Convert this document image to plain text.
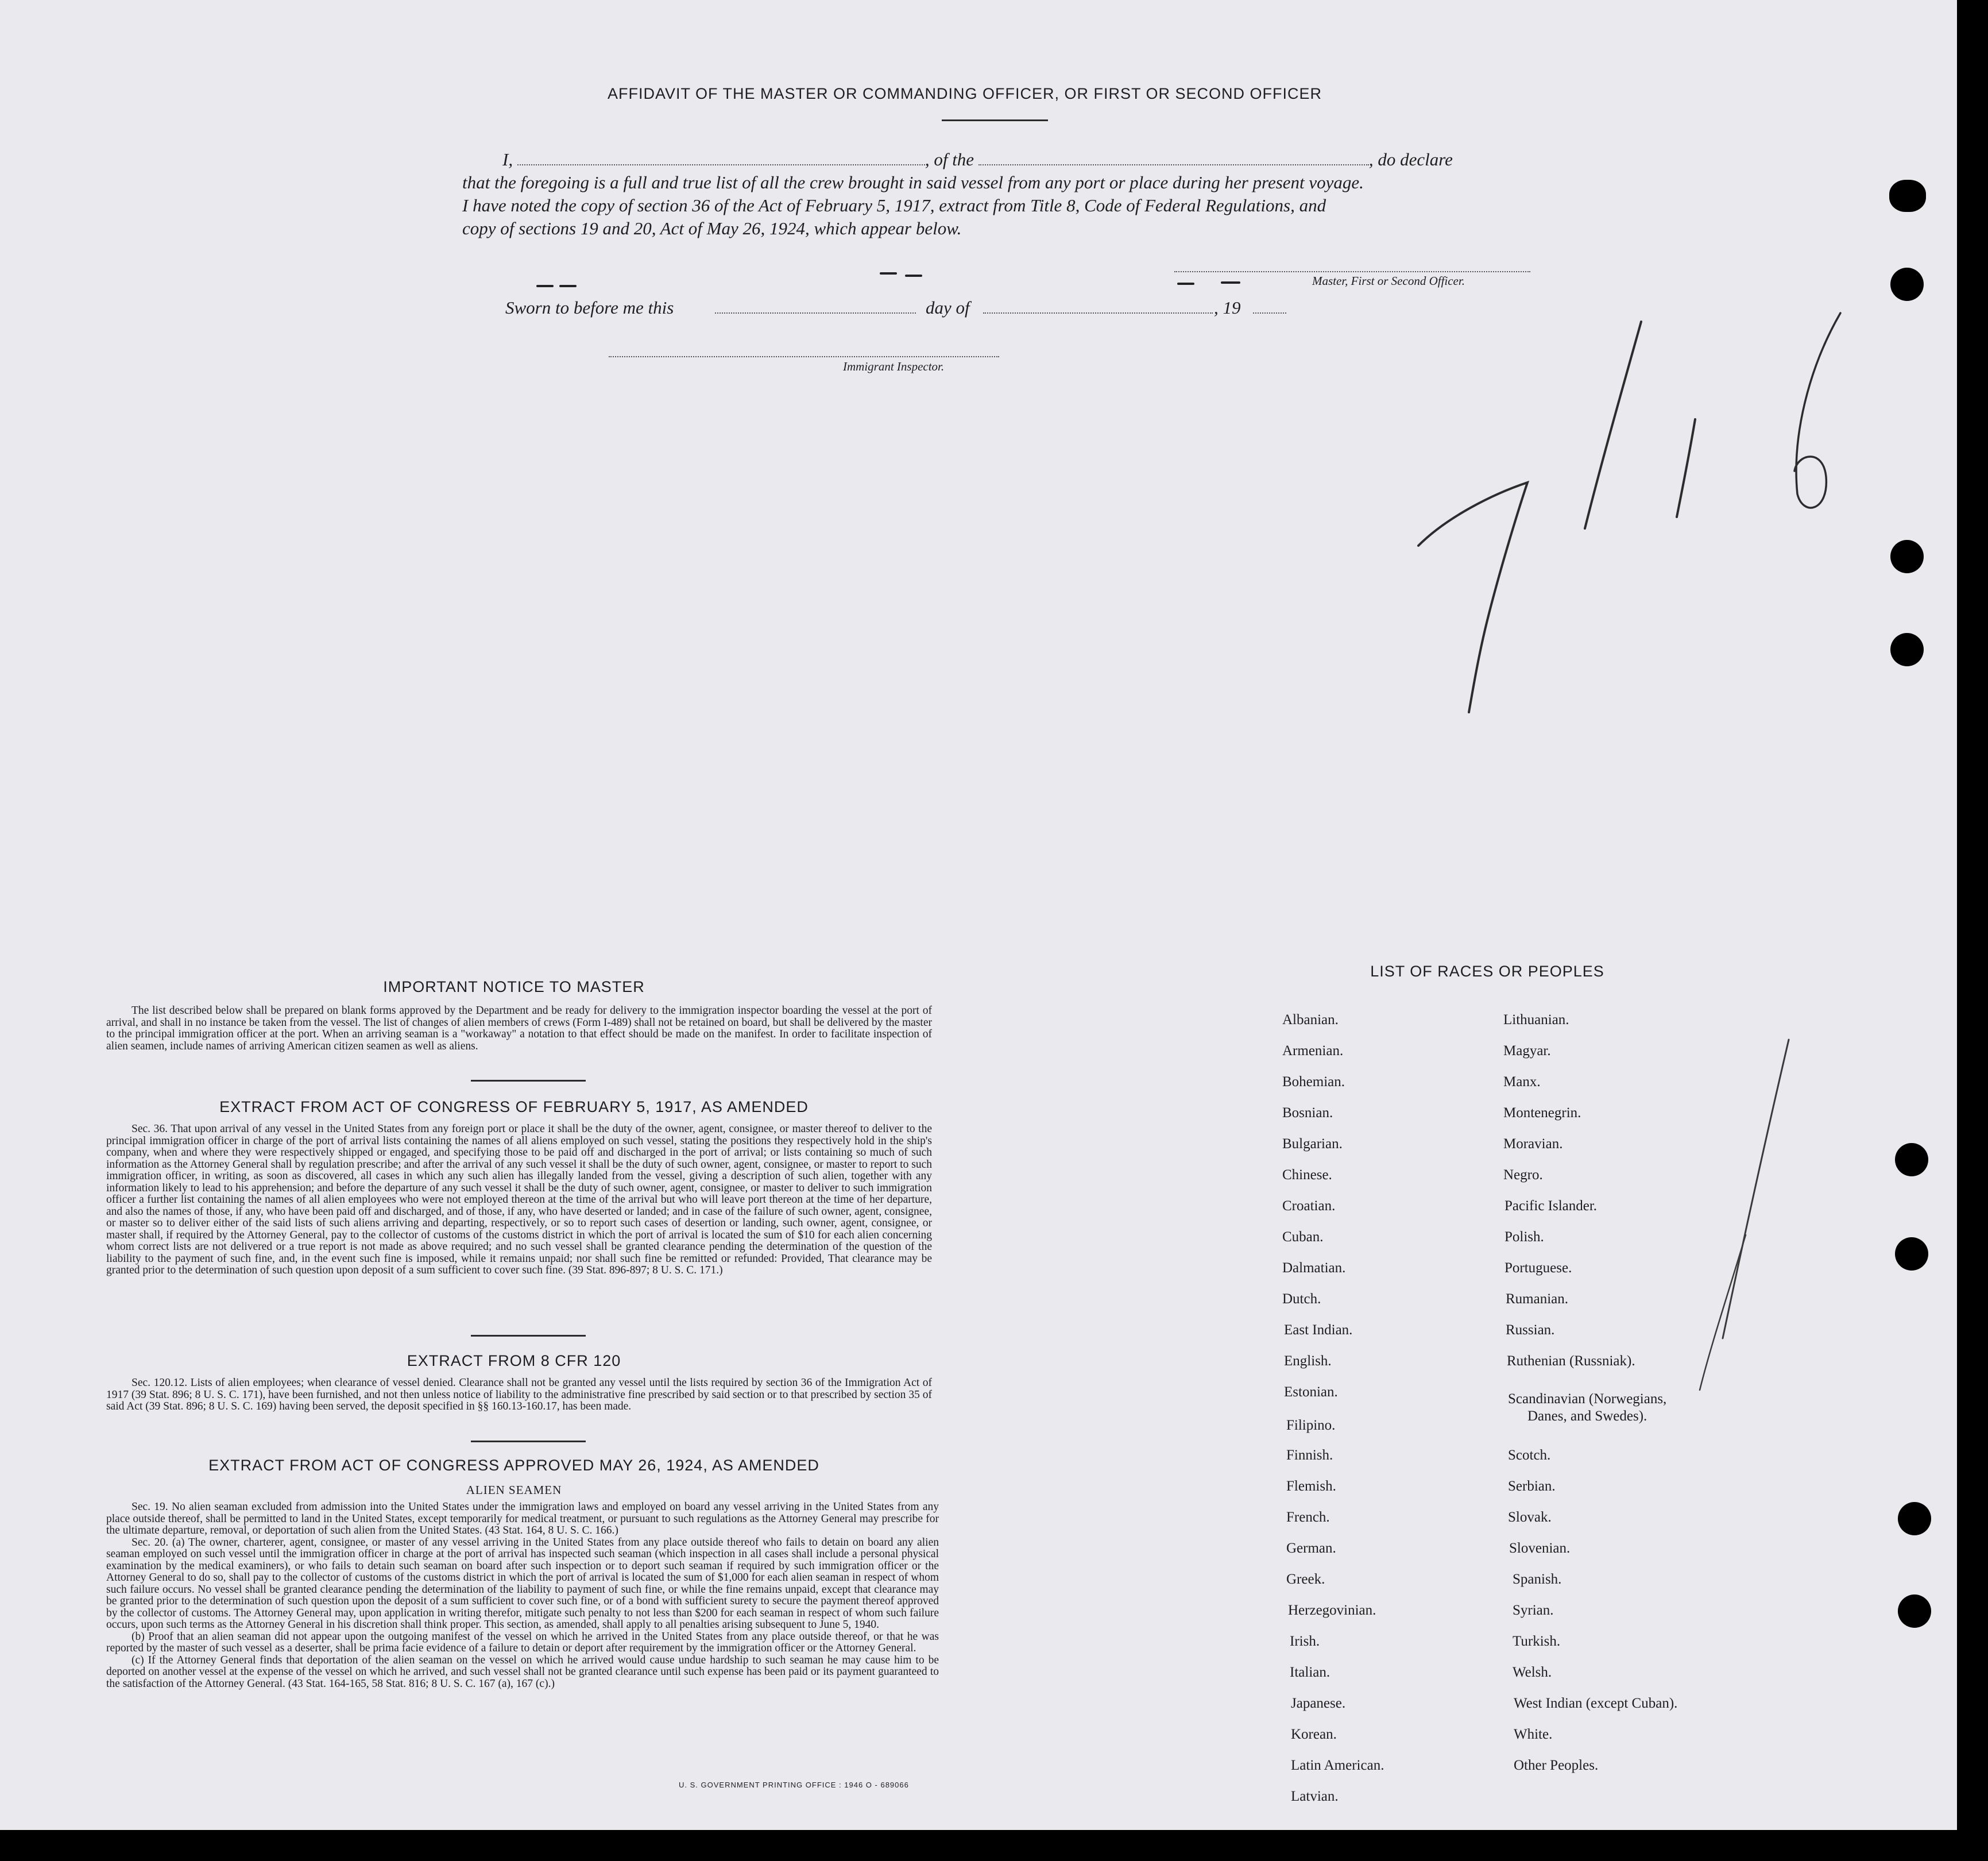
AFFIDAVIT OF THE MASTER OR COMMANDING OFFICER, OR FIRST OR SECOND OFFICER
I,	, of the	, do declare
that the foregoing is a full and true list of all the crew brought in said vessel from any port or place during her present voyage.
I have noted the copy of section 36 of the Act of February 5, 1917, extract from Title 8, Code of Federal Regulations, and
copy of sections 19 and 20, Act of May 26, 1924, which appear below.
Master, First or Second Officer.
Sworn to before me this	day of	, 19
Immigrant Inspector.
IMPORTANT NOTICE TO MASTER

The list described below shall be prepared on blank forms approved by the Department and be ready for delivery to the immigration inspector boarding the vessel at the port of arrival, and shall in no instance be taken from the vessel. The list of changes of alien members of crews (Form I-489) shall not be retained on board, but shall be delivered by the master to the principal immigration officer at the port. When an arriving seaman is a "workaway" a notation to that effect should be made on the manifest. In order to facilitate inspection of alien seamen, include names of arriving American citizen seamen as well as aliens.

EXTRACT FROM ACT OF CONGRESS OF FEBRUARY 5, 1917, AS AMENDED

Sec. 36. That upon arrival of any vessel in the United States from any foreign port or place it shall be the duty of the owner, agent, consignee, or master thereof to deliver to the principal immigration officer in charge of the port of arrival lists containing the names of all aliens employed on such vessel, stating the positions they respectively hold in the ship's company, when and where they were respectively shipped or engaged, and specifying those to be paid off and discharged in the port of arrival; or lists containing so much of such information as the Attorney General shall by regulation prescribe; and after the arrival of any such vessel it shall be the duty of such owner, agent, consignee, or master to report to such immigration officer, in writing, as soon as discovered, all cases in which any such alien has illegally landed from the vessel, giving a description of such alien, together with any information likely to lead to his apprehension; and before the departure of any such vessel it shall be the duty of such owner, agent, consignee, or master to deliver to such immigration officer a further list containing the names of all alien employees who were not employed thereon at the time of the arrival but who will leave port thereon at the time of her departure, and also the names of those, if any, who have been paid off and discharged, and of those, if any, who have deserted or landed; and in case of the failure of such owner, agent, consignee, or master so to deliver either of the said lists of such aliens arriving and departing, respectively, or so to report such cases of desertion or landing, such owner, agent, consignee, or master shall, if required by the Attorney General, pay to the collector of customs of the customs district in which the port of arrival is located the sum of $10 for each alien concerning whom correct lists are not delivered or a true report is not made as above required; and no such vessel shall be granted clearance pending the determination of the question of the liability to the payment of such fine, and, in the event such fine is imposed, while it remains unpaid; nor shall such fine be remitted or refunded: Provided, That clearance may be granted prior to the determination of such question upon deposit of a sum sufficient to cover such fine. (39 Stat. 896-897; 8 U. S. C. 171.)

EXTRACT FROM 8 CFR 120

Sec. 120.12. Lists of alien employees; when clearance of vessel denied. Clearance shall not be granted any vessel until the lists required by section 36 of the Immigration Act of 1917 (39 Stat. 896; 8 U. S. C. 171), have been furnished, and not then unless notice of liability to the administrative fine prescribed by said section or to that prescribed by section 35 of said Act (39 Stat. 896; 8 U. S. C. 169) having been served, the deposit specified in §§ 160.13-160.17, has been made.

EXTRACT FROM ACT OF CONGRESS APPROVED MAY 26, 1924, AS AMENDED
ALIEN SEAMEN

Sec. 19. No alien seaman excluded from admission into the United States under the immigration laws and employed on board any vessel arriving in the United States from any place outside thereof, shall be permitted to land in the United States, except temporarily for medical treatment, or pursuant to such regulations as the Attorney General may prescribe for the ultimate departure, removal, or deportation of such alien from the United States. (43 Stat. 164, 8 U. S. C. 166.)

Sec. 20. (a) The owner, charterer, agent, consignee, or master of any vessel arriving in the United States from any place outside thereof who fails to detain on board any alien seaman employed on such vessel until the immigration officer in charge at the port of arrival has inspected such seaman (which inspection in all cases shall include a personal physical examination by the medical examiners), or who fails to detain such seaman on board after such inspection or to deport such seaman if required by such immigration officer or the Attorney General to do so, shall pay to the collector of customs of the customs district in which the port of arrival is located the sum of $1,000 for each alien seaman in respect of whom such failure occurs. No vessel shall be granted clearance pending the determination of the liability to payment of such fine, or while the fine remains unpaid, except that clearance may be granted prior to the determination of such question upon the deposit of a sum sufficient to cover such fine, or of a bond with sufficient surety to secure the payment thereof approved by the collector of customs. The Attorney General may, upon application in writing therefor, mitigate such penalty to not less than $200 for each seaman in respect of whom such failure occurs, upon such terms as the Attorney General in his discretion shall think proper. This section, as amended, shall apply to all penalties arising subsequent to June 5, 1940.

(b) Proof that an alien seaman did not appear upon the outgoing manifest of the vessel on which he arrived in the United States from any place outside thereof, or that he was reported by the master of such vessel as a deserter, shall be prima facie evidence of a failure to detain or deport after requirement by the immigration officer or the Attorney General.

(c) If the Attorney General finds that deportation of the alien seaman on the vessel on which he arrived would cause undue hardship to such seaman he may cause him to be deported on another vessel at the expense of the vessel on which he arrived, and such vessel shall not be granted clearance until such expense has been paid or its payment guaranteed to the satisfaction of the Attorney General. (43 Stat. 164-165, 58 Stat. 816; 8 U. S. C. 167 (a), 167 (c).)

U. S. GOVERNMENT PRINTING OFFICE : 1946 O - 689066
LIST OF RACES OR PEOPLES
Albanian.
Armenian.
Bohemian.
Bosnian.
Bulgarian.
Chinese.
Croatian.
Cuban.
Dalmatian.
Dutch.
East Indian.
English.
Estonian.
Filipino.
Finnish.
Flemish.
French.
German.
Greek.
Herzegovinian.
Irish.
Italian.
Japanese.
Korean.
Latin American.
Latvian.
Lithuanian.
Magyar.
Manx.
Montenegrin.
Moravian.
Negro.
Pacific Islander.
Polish.
Portuguese.
Rumanian.
Russian.
Ruthenian (Russniak).
Scandinavian (Norwegians,
Danes, and Swedes).
Scotch.
Serbian.
Slovak.
Slovenian.
Spanish.
Syrian.
Turkish.
Welsh.
West Indian (except Cuban).
White.
Other Peoples.
